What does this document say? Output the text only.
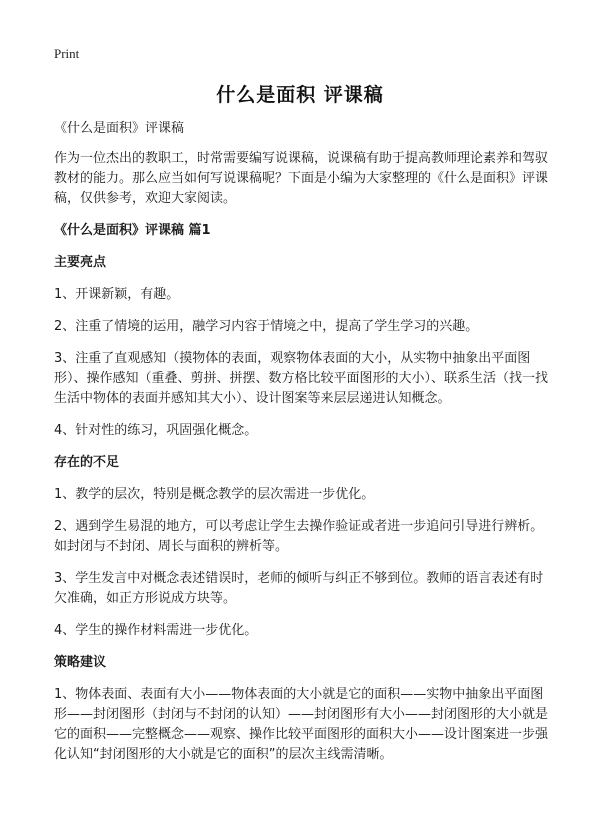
Print
什么是面积 评课稿

《什么是面积》评课稿

作为一位杰出的教职工，时常需要编写说课稿，说课稿有助于提高教师理论素养和驾驭教材的能力。那么应当如何写说课稿呢？下面是小编为大家整理的《什么是面积》评课稿，仅供参考，欢迎大家阅读。

《什么是面积》评课稿 篇1

主要亮点

1、开课新颖，有趣。

2、注重了情境的运用，融学习内容于情境之中，提高了学生学习的兴趣。

3、注重了直观感知（摸物体的表面，观察物体表面的大小，从实物中抽象出平面图形）、操作感知（重叠、剪拼、拼摆、数方格比较平面图形的大小）、联系生活（找一找生活中物体的表面并感知其大小）、设计图案等来层层递进认知概念。

4、针对性的练习，巩固强化概念。

存在的不足

1、教学的层次，特别是概念教学的层次需进一步优化。

2、遇到学生易混的地方，可以考虑让学生去操作验证或者进一步追问引导进行辨析。如封闭与不封闭、周长与面积的辨析等。

3、学生发言中对概念表述错误时，老师的倾听与纠正不够到位。教师的语言表述有时欠准确，如正方形说成方块等。

4、学生的操作材料需进一步优化。

策略建议

1、物体表面、表面有大小——物体表面的大小就是它的面积——实物中抽象出平面图形——封闭图形（封闭与不封闭的认知）——封闭图形有大小——封闭图形的大小就是它的面积——完整概念——观察、操作比较平面图形的面积大小——设计图案进一步强化认知“封闭图形的大小就是它的面积”的层次主线需清晰。
